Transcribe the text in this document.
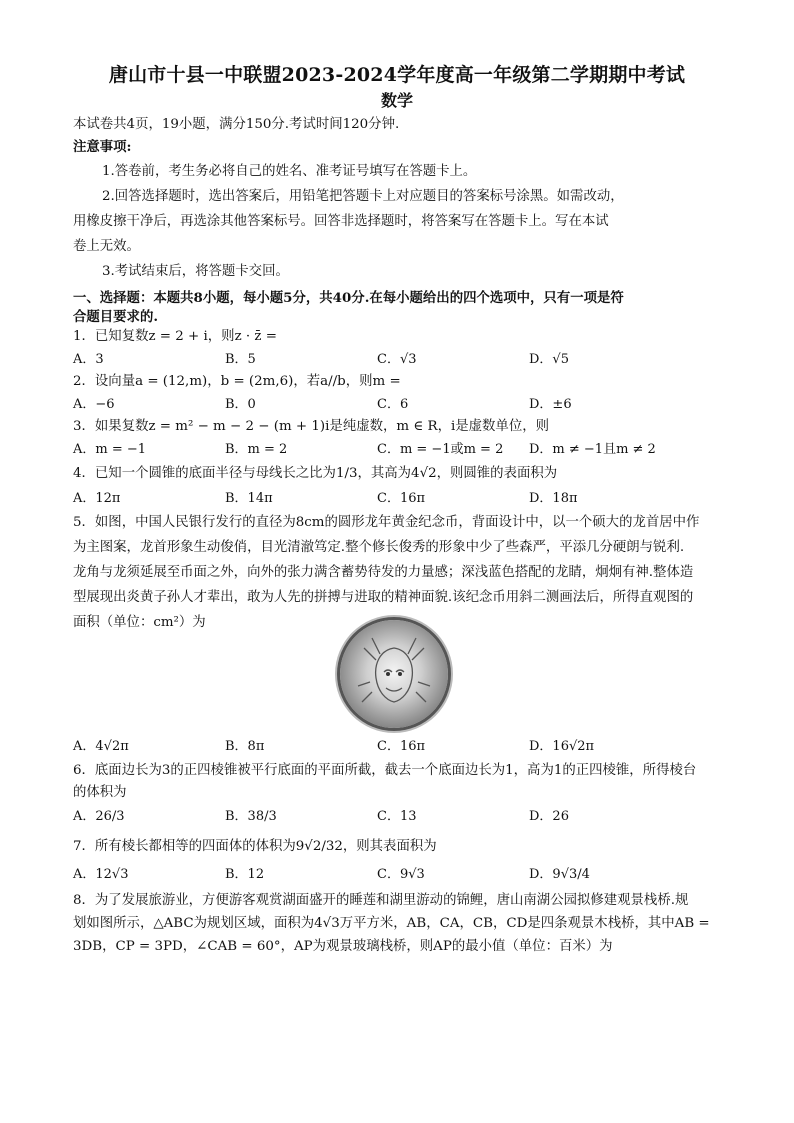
唐山市十县一中联盟2023-2024学年度高一年级第二学期期中考试
数学
本试卷共4页，19小题，满分150分.考试时间120分钟.
注意事项:
1.答卷前，考生务必将自己的姓名、准考证号填写在答题卡上。
2.回答选择题时，选出答案后，用铅笔把答题卡上对应题目的答案标号涂黑。如需改动，
用橡皮擦干净后，再选涂其他答案标号。回答非选择题时，将答案写在答题卡上。写在本试
卷上无效。
3.考试结束后，将答题卡交回。
一、选择题：本题共8小题，每小题5分，共40分.在每小题给出的四个选项中，只有一项是符
合题目要求的.
1．已知复数z = 2 + i，则z · z̄ =
A．3	B．5	C．√3	D．√5
2．设向量a = (12,m)，b = (2m,6)，若a//b，则m =
A．−6	B．0	C．6	D．±6
3．如果复数z = m² − m − 2 − (m + 1)i是纯虚数，m ∈ R，i是虚数单位，则
A．m = −1	B．m = 2	C．m = −1或m = 2 D．m ≠ −1且m ≠ 2
4．已知一个圆锥的底面半径与母线长之比为1/3，其高为4√2，则圆锥的表面积为
A．12π	B．14π	C．16π	D．18π
5．如图，中国人民银行发行的直径为8cm的圆形龙年黄金纪念币，背面设计中，以一个硕大的龙首居中作
为主图案，龙首形象生动俊俏，目光清澈笃定.整个修长俊秀的形象中少了些森严，平添几分硬朗与锐利.
龙角与龙须延展至币面之外，向外的张力满含蓄势待发的力量感；深浅蓝色搭配的龙睛，炯炯有神.整体造
型展现出炎黄子孙人才辈出，敢为人先的拼搏与进取的精神面貌.该纪念币用斜二测画法后，所得直观图的
面积（单位：cm²）为
A．4√2π	B．8π	C．16π	D．16√2π
6．底面边长为3的正四棱锥被平行底面的平面所截，截去一个底面边长为1，高为1的正四棱锥，所得棱台
的体积为
A．26/3	B．38/3	C．13	D．26
7．所有棱长都相等的四面体的体积为9√2/32，则其表面积为
A．12√3	B．12	C．9√3	D．9√3/4
8．为了发展旅游业，方便游客观赏湖面盛开的睡莲和湖里游动的锦鲤，唐山南湖公园拟修建观景栈桥.规
划如图所示，△ABC为规划区域，面积为4√3万平方米，AB，CA，CB，CD是四条观景木栈桥，其中AB =
3DB，CP = 3PD，∠CAB = 60°，AP为观景玻璃栈桥，则AP的最小值（单位：百米）为
